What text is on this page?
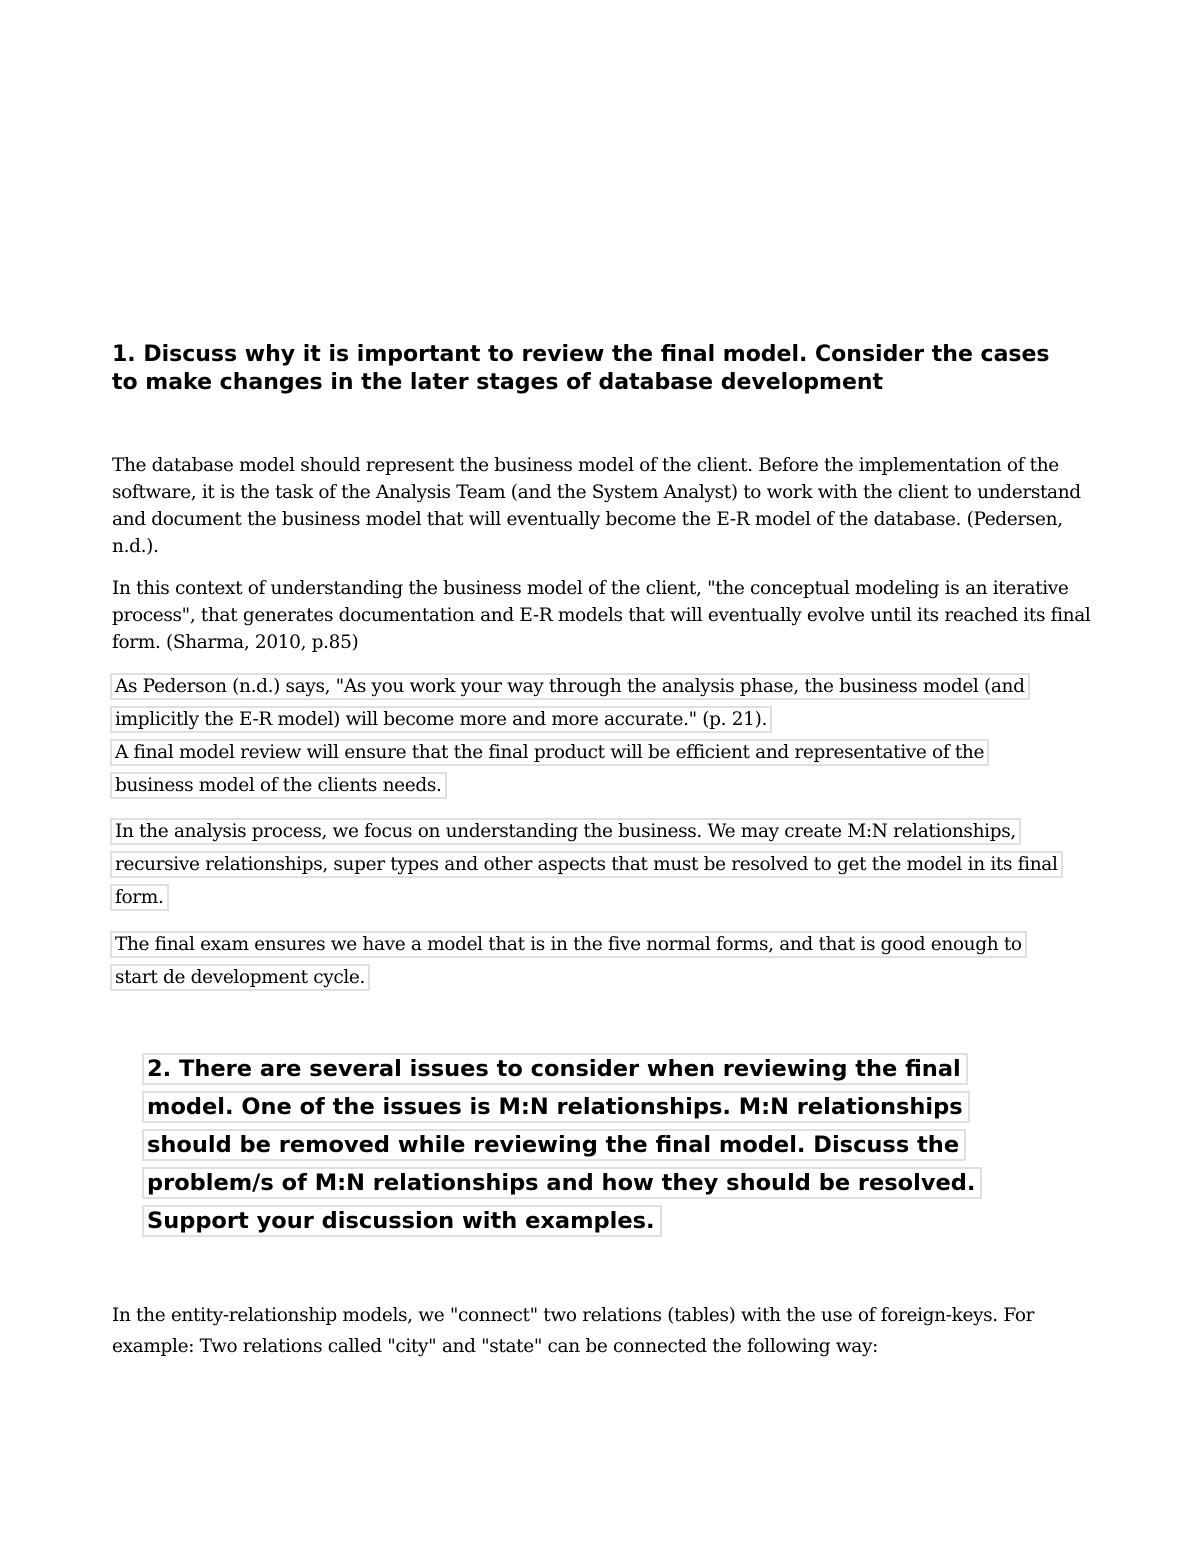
1. Discuss why it is important to review the final model. Consider the cases to make changes in the later stages of database development

The database model should represent the business model of the client. Before the implementation of the software, it is the task of the Analysis Team (and the System Analyst) to work with the client to understand and document the business model that will eventually become the E-R model of the database. (Pedersen, n.d.).

In this context of understanding the business model of the client, "the conceptual modeling is an iterative process", that generates documentation and E-R models that will eventually evolve until its reached its final form. (Sharma, 2010, p.85)

As Pederson (n.d.) says, "As you work your way through the analysis phase, the business model (and
implicitly the E-R model) will become more and more accurate." (p. 21).
A final model review will ensure that the final product will be efficient and representative of the
business model of the clients needs.
In the analysis process, we focus on understanding the business. We may create M:N relationships,
recursive relationships, super types and other aspects that must be resolved to get the model in its final
form.
The final exam ensures we have a model that is in the five normal forms, and that is good enough to
start de development cycle.
2. There are several issues to consider when reviewing the final
model. One of the issues is M:N relationships. M:N relationships
should be removed while reviewing the final model. Discuss the
problem/s of M:N relationships and how they should be resolved.
Support your discussion with examples.

In the entity-relationship models, we "connect" two relations (tables) with the use of foreign-keys. For example: Two relations called "city" and "state" can be connected the following way:
